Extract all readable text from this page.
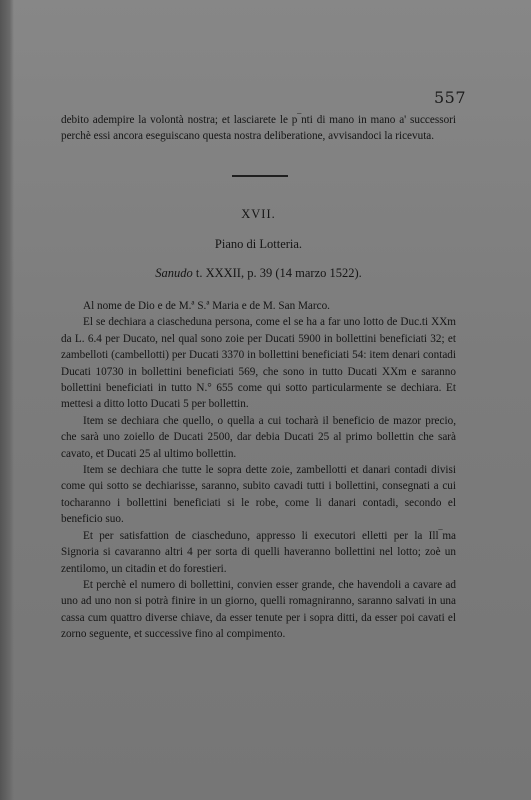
557

debito adempire la volontà nostra; et lasciarete le p‾nti di mano in mano a' successori perchè essi ancora eseguiscano questa nostra deliberatione, avvisandoci la ricevuta.

XVII.
Piano di Lotteria.
Sanudo t. XXXII, p. 39 (14 marzo 1522).

Al nome de Dio e de M.ª S.ª Maria e de M. San Marco.

El se dechiara a ciascheduna persona, come el se ha a far uno lotto de Duc.ti XXm da L. 6.4 per Ducato, nel qual sono zoie per Ducati 5900 in bollettini beneficiati 32; et zambelloti (cambellotti) per Ducati 3370 in bollettini beneficiati 54: item denari contadi Ducati 10730 in bollettini beneficiati 569, che sono in tutto Ducati XXm e saranno bollettini beneficiati in tutto N.° 655 come qui sotto particularmente se dechiara. Et mettesi a ditto lotto Ducati 5 per bollettin.

Item se dechiara che quello, o quella a cui tocharà il beneficio de mazor precio, che sarà uno zoiello de Ducati 2500, dar debia Ducati 25 al primo bollettin che sarà cavato, et Ducati 25 al ultimo bollettin.

Item se dechiara che tutte le sopra dette zoie, zambellotti et danari contadi divisi come qui sotto se dechiarisse, saranno, subito cavadi tutti i bollettini, consegnati a cui tocharanno i bollettini beneficiati si le robe, come li danari contadi, secondo el beneficio suo.

Et per satisfattion de ciascheduno, appresso li executori elletti per la Ill‾ma Signoria si cavaranno altri 4 per sorta di quelli haveranno bollettini nel lotto; zoè un zentilomo, un citadin et do forestieri.

Et perchè el numero di bollettini, convien esser grande, che havendoli a cavare ad uno ad uno non si potrà finire in un giorno, quelli romagniranno, saranno salvati in una cassa cum quattro diverse chiave, da esser tenute per i sopra ditti, da esser poi cavati el zorno seguente, et successive fino al compimento.
